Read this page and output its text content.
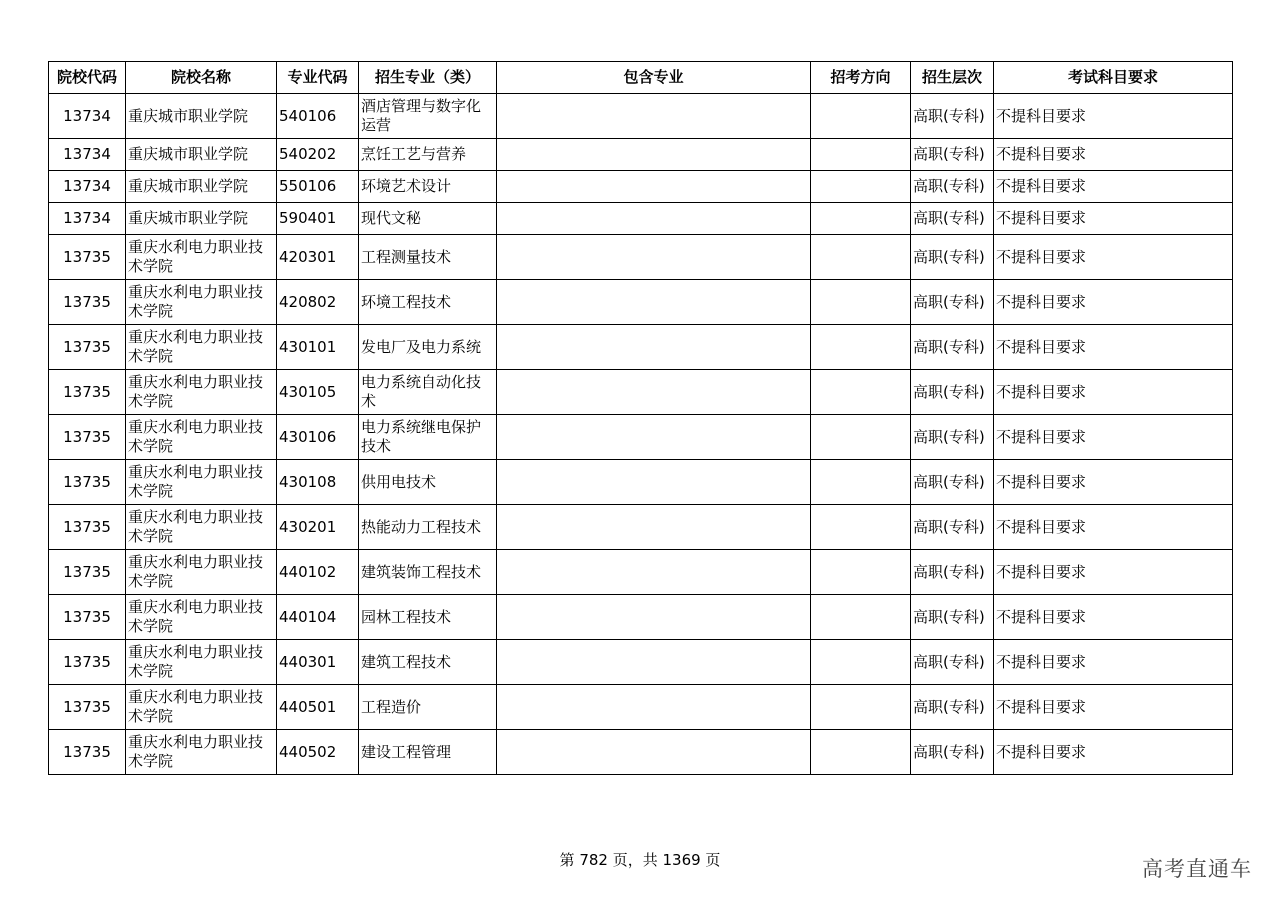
院校代码	院校名称	专业代码	招生专业（类）	包含专业	招考方向	招生层次	考试科目要求
13734	重庆城市职业学院	540106	酒店管理与数字化运营			高职(专科)	不提科目要求
13734	重庆城市职业学院	540202	烹饪工艺与营养			高职(专科)	不提科目要求
13734	重庆城市职业学院	550106	环境艺术设计			高职(专科)	不提科目要求
13734	重庆城市职业学院	590401	现代文秘			高职(专科)	不提科目要求
13735	重庆水利电力职业技术学院	420301	工程测量技术			高职(专科)	不提科目要求
13735	重庆水利电力职业技术学院	420802	环境工程技术			高职(专科)	不提科目要求
13735	重庆水利电力职业技术学院	430101	发电厂及电力系统			高职(专科)	不提科目要求
13735	重庆水利电力职业技术学院	430105	电力系统自动化技术			高职(专科)	不提科目要求
13735	重庆水利电力职业技术学院	430106	电力系统继电保护技术			高职(专科)	不提科目要求
13735	重庆水利电力职业技术学院	430108	供用电技术			高职(专科)	不提科目要求
13735	重庆水利电力职业技术学院	430201	热能动力工程技术			高职(专科)	不提科目要求
13735	重庆水利电力职业技术学院	440102	建筑装饰工程技术			高职(专科)	不提科目要求
13735	重庆水利电力职业技术学院	440104	园林工程技术			高职(专科)	不提科目要求
13735	重庆水利电力职业技术学院	440301	建筑工程技术			高职(专科)	不提科目要求
13735	重庆水利电力职业技术学院	440501	工程造价			高职(专科)	不提科目要求
13735	重庆水利电力职业技术学院	440502	建设工程管理			高职(专科)	不提科目要求
第 782 页，共 1369 页	高考直通车
